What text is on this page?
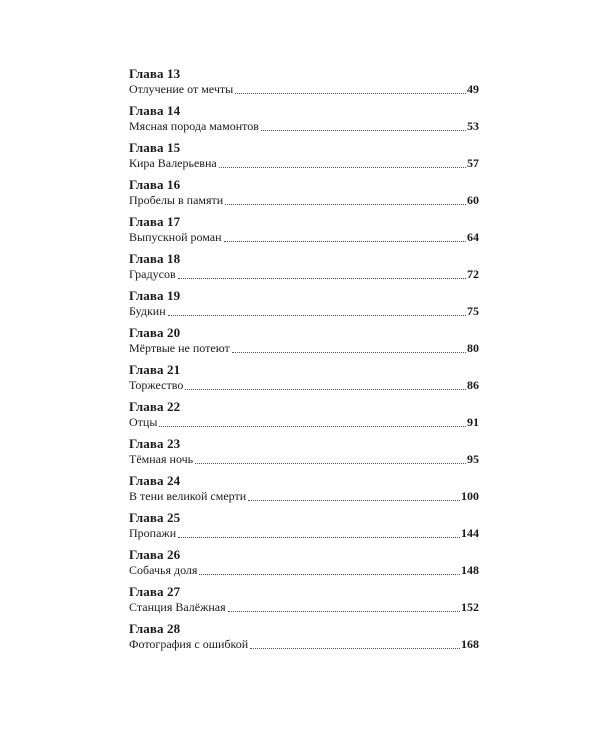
Глава 13
Отлучение от мечты	49
Глава 14
Мясная порода мамонтов	53
Глава 15
Кира Валерьевна	57
Глава 16
Пробелы в памяти	60
Глава 17
Выпускной роман	64
Глава 18
Градусов	72
Глава 19
Будкин	75
Глава 20
Мёртвые не потеют	80
Глава 21
Торжество	86
Глава 22
Отцы	91
Глава 23
Тёмная ночь	95
Глава 24
В тени великой смерти	100
Глава 25
Пропажи	144
Глава 26
Собачья доля	148
Глава 27
Станция Валёжная	152
Глава 28
Фотография с ошибкой	168
